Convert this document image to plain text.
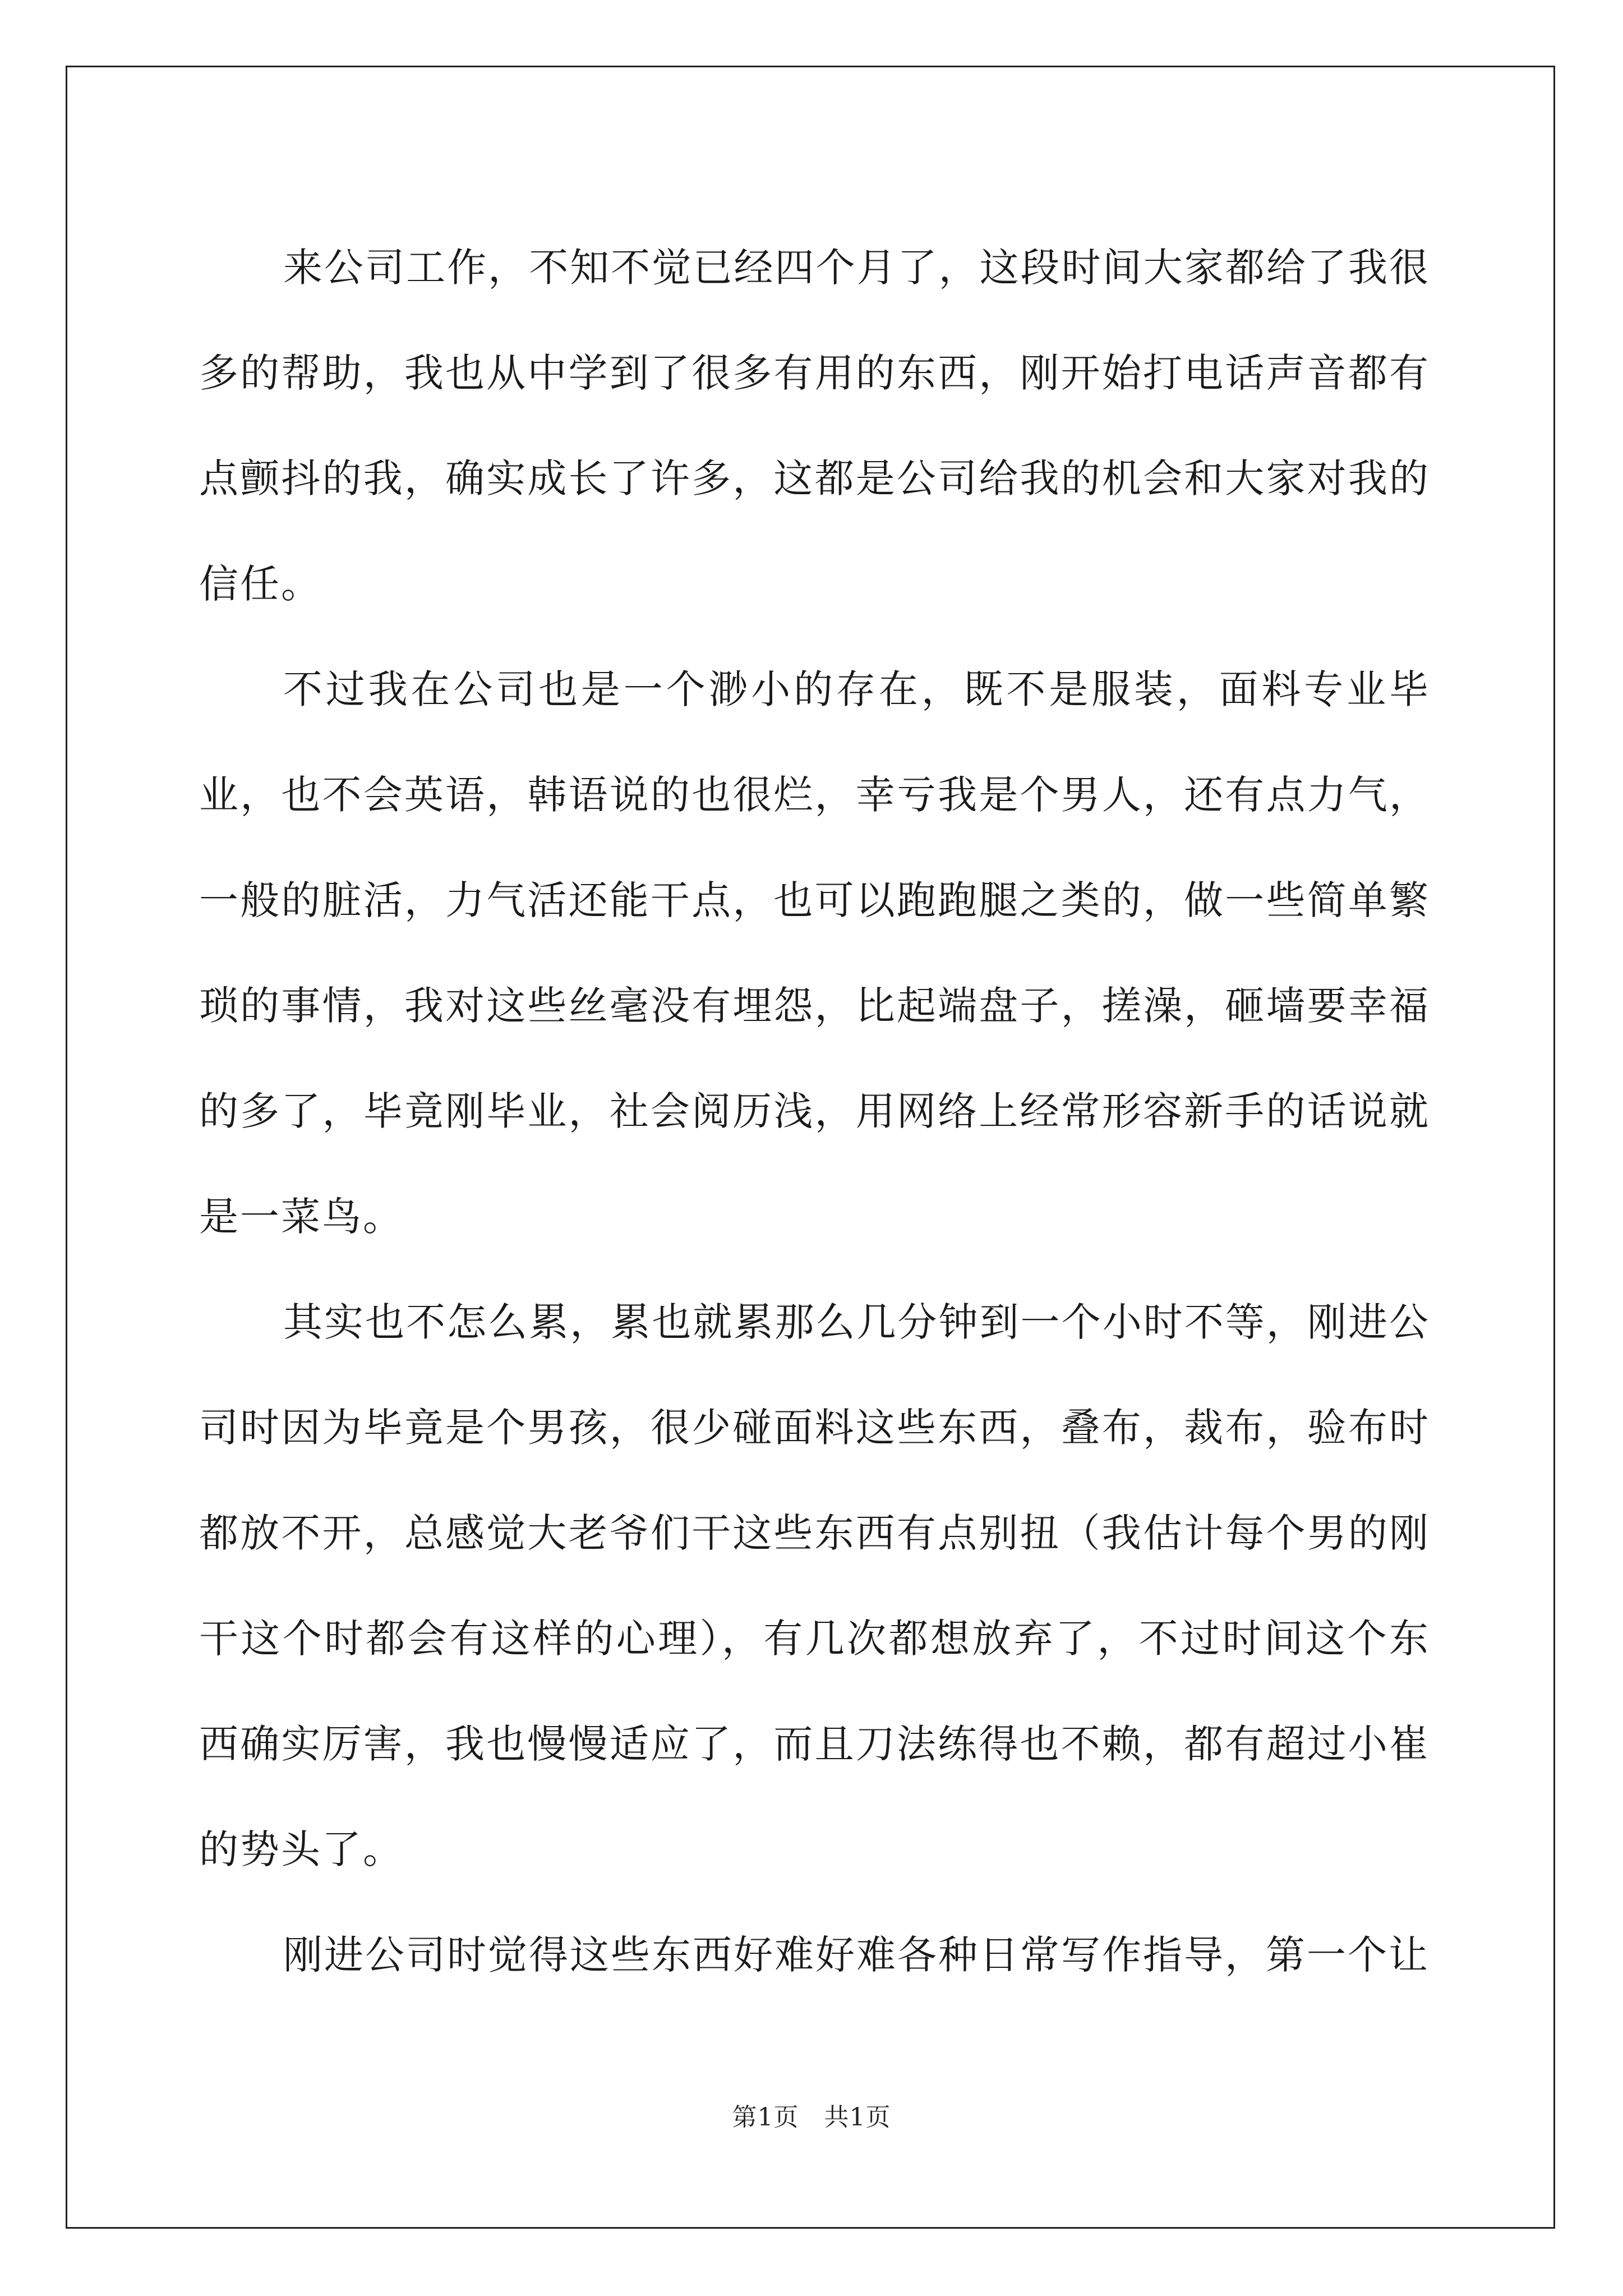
来公司工作，不知不觉已经四个月了，这段时间大家都给了我很多的帮助，我也从中学到了很多有用的东西，刚开始打电话声音都有点颤抖的我，确实成长了许多，这都是公司给我的机会和大家对我的信任。

不过我在公司也是一个渺小的存在，既不是服装，面料专业毕业，也不会英语，韩语说的也很烂，幸亏我是个男人，还有点力气，一般的脏活，力气活还能干点，也可以跑跑腿之类的，做一些简单繁琐的事情，我对这些丝毫没有埋怨，比起端盘子，搓澡，砸墙要幸福的多了，毕竟刚毕业，社会阅历浅，用网络上经常形容新手的话说就是一菜鸟。

其实也不怎么累，累也就累那么几分钟到一个小时不等，刚进公司时因为毕竟是个男孩，很少碰面料这些东西，叠布，裁布，验布时都放不开，总感觉大老爷们干这些东西有点别扭（我估计每个男的刚干这个时都会有这样的心理），有几次都想放弃了，不过时间这个东西确实厉害，我也慢慢适应了，而且刀法练得也不赖，都有超过小崔的势头了。

刚进公司时觉得这些东西好难好难各种日常写作指导，第一个让

第1页 共1页
